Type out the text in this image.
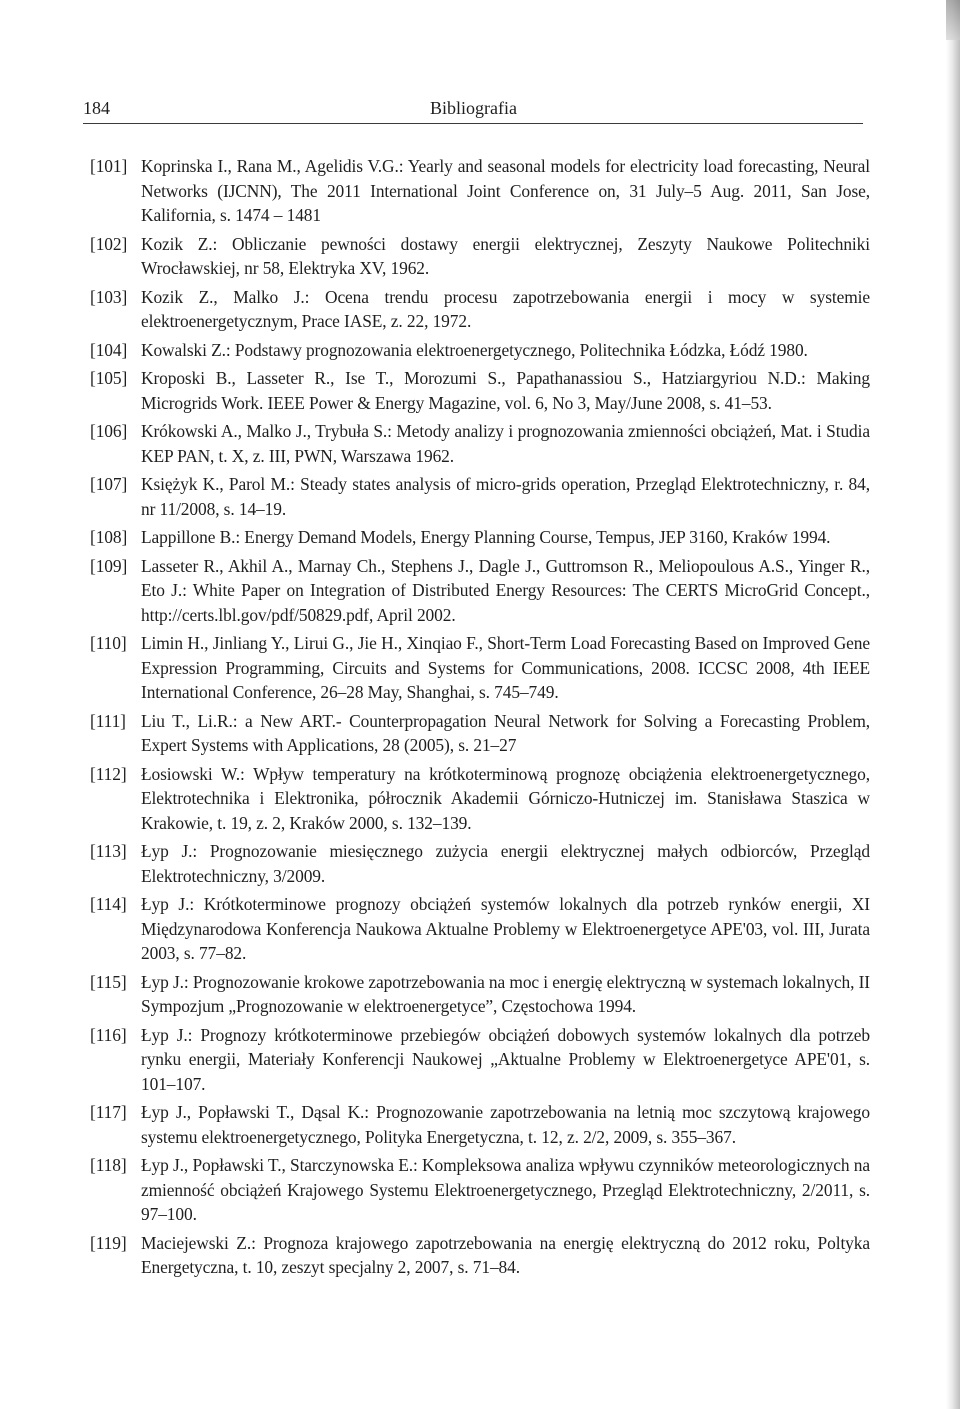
184	Bibliografia
[101] Koprinska I., Rana M., Agelidis V.G.: Yearly and seasonal models for electricity load forecasting, Neural Networks (IJCNN), The 2011 International Joint Conference on, 31 July–5 Aug. 2011, San Jose, Kalifornia, s. 1474 – 1481
[102] Kozik Z.: Obliczanie pewności dostawy energii elektrycznej, Zeszyty Naukowe Politechniki Wrocławskiej, nr 58, Elektryka XV, 1962.
[103] Kozik Z., Malko J.: Ocena trendu procesu zapotrzebowania energii i mocy w systemie elektroenergetycznym, Prace IASE, z. 22, 1972.
[104] Kowalski Z.: Podstawy prognozowania elektroenergetycznego, Politechnika Łódzka, Łódź 1980.
[105] Kroposki B., Lasseter R., Ise T., Morozumi S., Papathanassiou S., Hatziargyriou N.D.: Making Microgrids Work. IEEE Power & Energy Magazine, vol. 6, No 3, May/June 2008, s. 41–53.
[106] Krókowski A., Malko J., Trybuła S.: Metody analizy i prognozowania zmienności obciążeń, Mat. i Studia KEP PAN, t. X, z. III, PWN, Warszawa 1962.
[107] Księżyk K., Parol M.: Steady states analysis of micro-grids operation, Przegląd Elektrotechniczny, r. 84, nr 11/2008, s. 14–19.
[108] Lappillone B.: Energy Demand Models, Energy Planning Course, Tempus, JEP 3160, Kraków 1994.
[109] Lasseter R., Akhil A., Marnay Ch., Stephens J., Dagle J., Guttromson R., Meliopoulous A.S., Yinger R., Eto J.: White Paper on Integration of Distributed Energy Resources: The CERTS MicroGrid Concept., http://certs.lbl.gov/pdf/50829.pdf, April 2002.
[110] Limin H., Jinliang Y., Lirui G., Jie H., Xinqiao F., Short-Term Load Forecasting Based on Improved Gene Expression Programming, Circuits and Systems for Communications, 2008. ICCSC 2008, 4th IEEE International Conference, 26–28 May, Shanghai, s. 745–749.
[111] Liu T., Li.R.: a New ART.- Counterpropagation Neural Network for Solving a Forecasting Problem, Expert Systems with Applications, 28 (2005), s. 21–27
[112] Łosiowski W.: Wpływ temperatury na krótkoterminową prognozę obciążenia elektroenergetycznego, Elektrotechnika i Elektronika, półrocznik Akademii Górniczo-Hutniczej im. Stanisława Staszica w Krakowie, t. 19, z. 2, Kraków 2000, s. 132–139.
[113] Łyp J.: Prognozowanie miesięcznego zużycia energii elektrycznej małych odbiorców, Przegląd Elektrotechniczny, 3/2009.
[114] Łyp J.: Krótkoterminowe prognozy obciążeń systemów lokalnych dla potrzeb rynków energii, XI Międzynarodowa Konferencja Naukowa Aktualne Problemy w Elektroenergetyce APE'03, vol. III, Jurata 2003, s. 77–82.
[115] Łyp J.: Prognozowanie krokowe zapotrzebowania na moc i energię elektryczną w systemach lokalnych, II Sympozjum „Prognozowanie w elektroenergetyce”, Częstochowa 1994.
[116] Łyp J.: Prognozy krótkoterminowe przebiegów obciążeń dobowych systemów lokalnych dla potrzeb rynku energii, Materiały Konferencji Naukowej „Aktualne Problemy w Elektroenergetyce APE'01, s. 101–107.
[117] Łyp J., Popławski T., Dąsal K.: Prognozowanie zapotrzebowania na letnią moc szczytową krajowego systemu elektroenergetycznego, Polityka Energetyczna, t. 12, z. 2/2, 2009, s. 355–367.
[118] Łyp J., Popławski T., Starczynowska E.: Kompleksowa analiza wpływu czynników meteorologicznych na zmienność obciążeń Krajowego Systemu Elektroenergetycznego, Przegląd Elektrotechniczny, 2/2011, s. 97–100.
[119] Maciejewski Z.: Prognoza krajowego zapotrzebowania na energię elektryczną do 2012 roku, Poltyka Energetyczna, t. 10, zeszyt specjalny 2, 2007, s. 71–84.
